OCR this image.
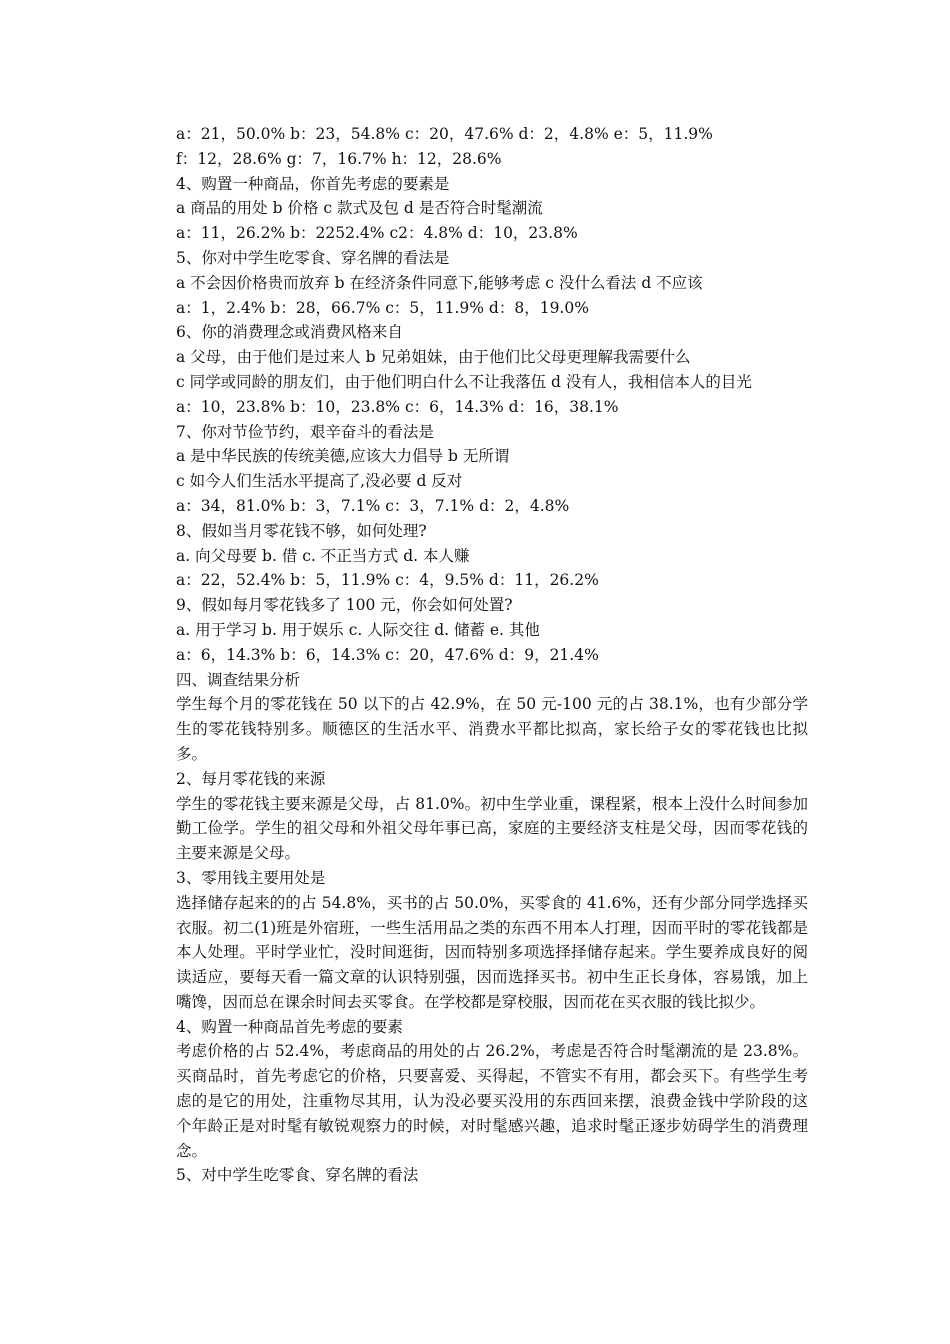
a：21，50.0% b：23，54.8% c：20，47.6% d：2，4.8% e：5，11.9%

f：12，28.6% g：7，16.7% h：12，28.6%

4、购置一种商品，你首先考虑的要素是

a 商品的用处 b 价格 c 款式及包 d 是否符合时髦潮流

a：11，26.2% b：2252.4% c2：4.8% d：10，23.8%

5、你对中学生吃零食、穿名牌的看法是

a 不会因价格贵而放弃 b 在经济条件同意下,能够考虑 c 没什么看法 d 不应该

a：1，2.4% b：28，66.7% c：5，11.9% d：8，19.0%

6、你的消费理念或消费风格来自

a 父母，由于他们是过来人 b 兄弟姐妹，由于他们比父母更理解我需要什么

c 同学或同龄的朋友们，由于他们明白什么不让我落伍 d 没有人，我相信本人的目光

a：10，23.8% b：10，23.8% c：6，14.3% d：16，38.1%

7、你对节俭节约，艰辛奋斗的看法是

a 是中华民族的传统美德,应该大力倡导 b 无所谓

c 如今人们生活水平提高了,没必要 d 反对

a：34，81.0% b：3，7.1% c：3，7.1% d：2，4.8%

8、假如当月零花钱不够，如何处理?

a. 向父母要 b. 借 c. 不正当方式 d. 本人赚

a：22，52.4% b：5，11.9% c：4，9.5% d：11，26.2%

9、假如每月零花钱多了 100 元，你会如何处置?

a. 用于学习 b. 用于娱乐 c. 人际交往 d. 储蓄 e. 其他

a：6，14.3% b：6，14.3% c：20，47.6% d：9，21.4%

四、调查结果分析

学生每个月的零花钱在 50 以下的占 42.9%，在 50 元-100 元的占 38.1%，也有少部分学生的零花钱特别多。顺德区的生活水平、消费水平都比拟高，家长给子女的零花钱也比拟多。

2、每月零花钱的来源

学生的零花钱主要来源是父母，占 81.0%。初中生学业重，课程紧，根本上没什么时间参加勤工俭学。学生的祖父母和外祖父母年事已高，家庭的主要经济支柱是父母，因而零花钱的主要来源是父母。

3、零用钱主要用处是

选择储存起来的的占 54.8%，买书的占 50.0%，买零食的 41.6%，还有少部分同学选择买衣服。初二(1)班是外宿班，一些生活用品之类的东西不用本人打理，因而平时的零花钱都是本人处理。平时学业忙，没时间逛街，因而特别多项选择择储存起来。学生要养成良好的阅读适应，要每天看一篇文章的认识特别强，因而选择买书。初中生正长身体，容易饿，加上嘴馋，因而总在课余时间去买零食。在学校都是穿校服，因而花在买衣服的钱比拟少。

4、购置一种商品首先考虑的要素

考虑价格的占 52.4%，考虑商品的用处的占 26.2%，考虑是否符合时髦潮流的是 23.8%。买商品时，首先考虑它的价格，只要喜爱、买得起，不管实不有用，都会买下。有些学生考虑的是它的用处，注重物尽其用，认为没必要买没用的东西回来摆，浪费金钱中学阶段的这个年龄正是对时髦有敏锐观察力的时候，对时髦感兴趣，追求时髦正逐步妨碍学生的消费理念。

5、对中学生吃零食、穿名牌的看法
